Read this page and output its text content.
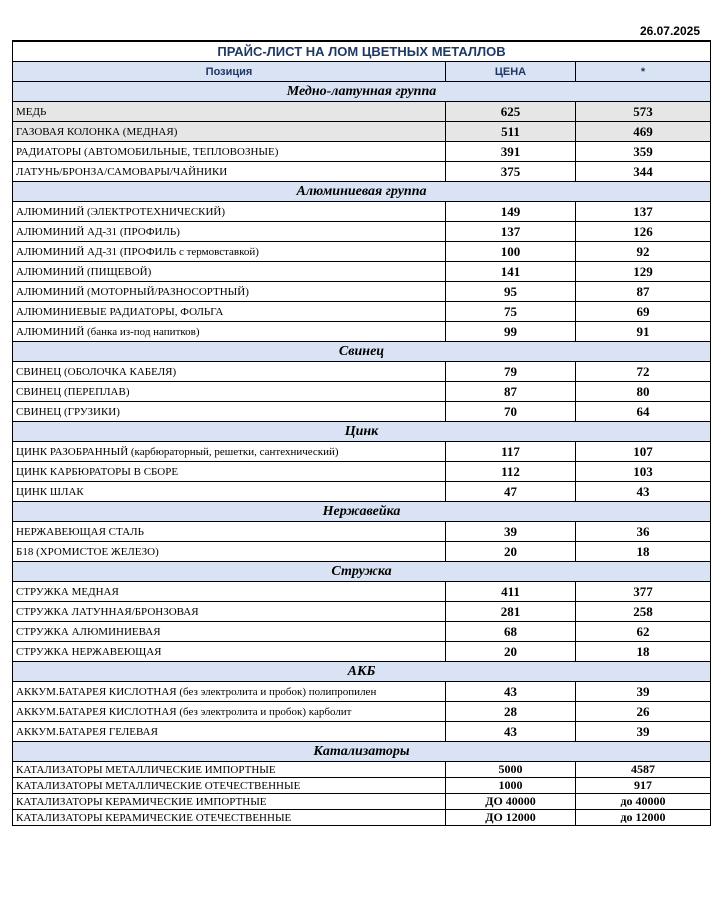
26.07.2025
ПРАЙС-ЛИСТ НА ЛОМ ЦВЕТНЫХ МЕТАЛЛОВ		
Позиция	ЦЕНА	*
Медно-латунная группа		
МЕДЬ	625	573
ГАЗОВАЯ КОЛОНКА (МЕДНАЯ)	511	469
РАДИАТОРЫ (АВТОМОБИЛЬНЫЕ, ТЕПЛОВОЗНЫЕ)	391	359
ЛАТУНЬ/БРОНЗА/САМОВАРЫ/ЧАЙНИКИ	375	344
Алюминиевая группа		
АЛЮМИНИЙ (ЭЛЕКТРОТЕХНИЧЕСКИЙ)	149	137
АЛЮМИНИЙ АД-31 (ПРОФИЛЬ)	137	126
АЛЮМИНИЙ АД-31 (ПРОФИЛЬ с термовставкой)	100	92
АЛЮМИНИЙ (ПИЩЕВОЙ)	141	129
АЛЮМИНИЙ (МОТОРНЫЙ/РАЗНОСОРТНЫЙ)	95	87
АЛЮМИНИЕВЫЕ РАДИАТОРЫ, ФОЛЬГА	75	69
АЛЮМИНИЙ (банка из-под напитков)	99	91
Свинец		
СВИНЕЦ (ОБОЛОЧКА КАБЕЛЯ)	79	72
СВИНЕЦ (ПЕРЕПЛАВ)	87	80
СВИНЕЦ (ГРУЗИКИ)	70	64
Цинк		
ЦИНК РАЗОБРАННЫЙ (карбюраторный, решетки, сантехнический)	117	107
ЦИНК КАРБЮРАТОРЫ В СБОРЕ	112	103
ЦИНК ШЛАК	47	43
Нержавейка		
НЕРЖАВЕЮЩАЯ СТАЛЬ	39	36
Б18 (ХРОМИСТОЕ ЖЕЛЕЗО)	20	18
Стружка		
СТРУЖКА МЕДНАЯ	411	377
СТРУЖКА ЛАТУННАЯ/БРОНЗОВАЯ	281	258
СТРУЖКА АЛЮМИНИЕВАЯ	68	62
СТРУЖКА НЕРЖАВЕЮЩАЯ	20	18
АКБ		
АККУМ.БАТАРЕЯ КИСЛОТНАЯ (без электролита и пробок) полипропилен	43	39
АККУМ.БАТАРЕЯ КИСЛОТНАЯ (без электролита и пробок) карболит	28	26
АККУМ.БАТАРЕЯ ГЕЛЕВАЯ	43	39
Катализаторы		
КАТАЛИЗАТОРЫ МЕТАЛЛИЧЕСКИЕ ИМПОРТНЫЕ	5000	4587
КАТАЛИЗАТОРЫ МЕТАЛЛИЧЕСКИЕ ОТЕЧЕСТВЕННЫЕ	1000	917
КАТАЛИЗАТОРЫ КЕРАМИЧЕСКИЕ ИМПОРТНЫЕ	ДО 40000	до 40000
КАТАЛИЗАТОРЫ КЕРАМИЧЕСКИЕ ОТЕЧЕСТВЕННЫЕ	ДО 12000	до 12000
